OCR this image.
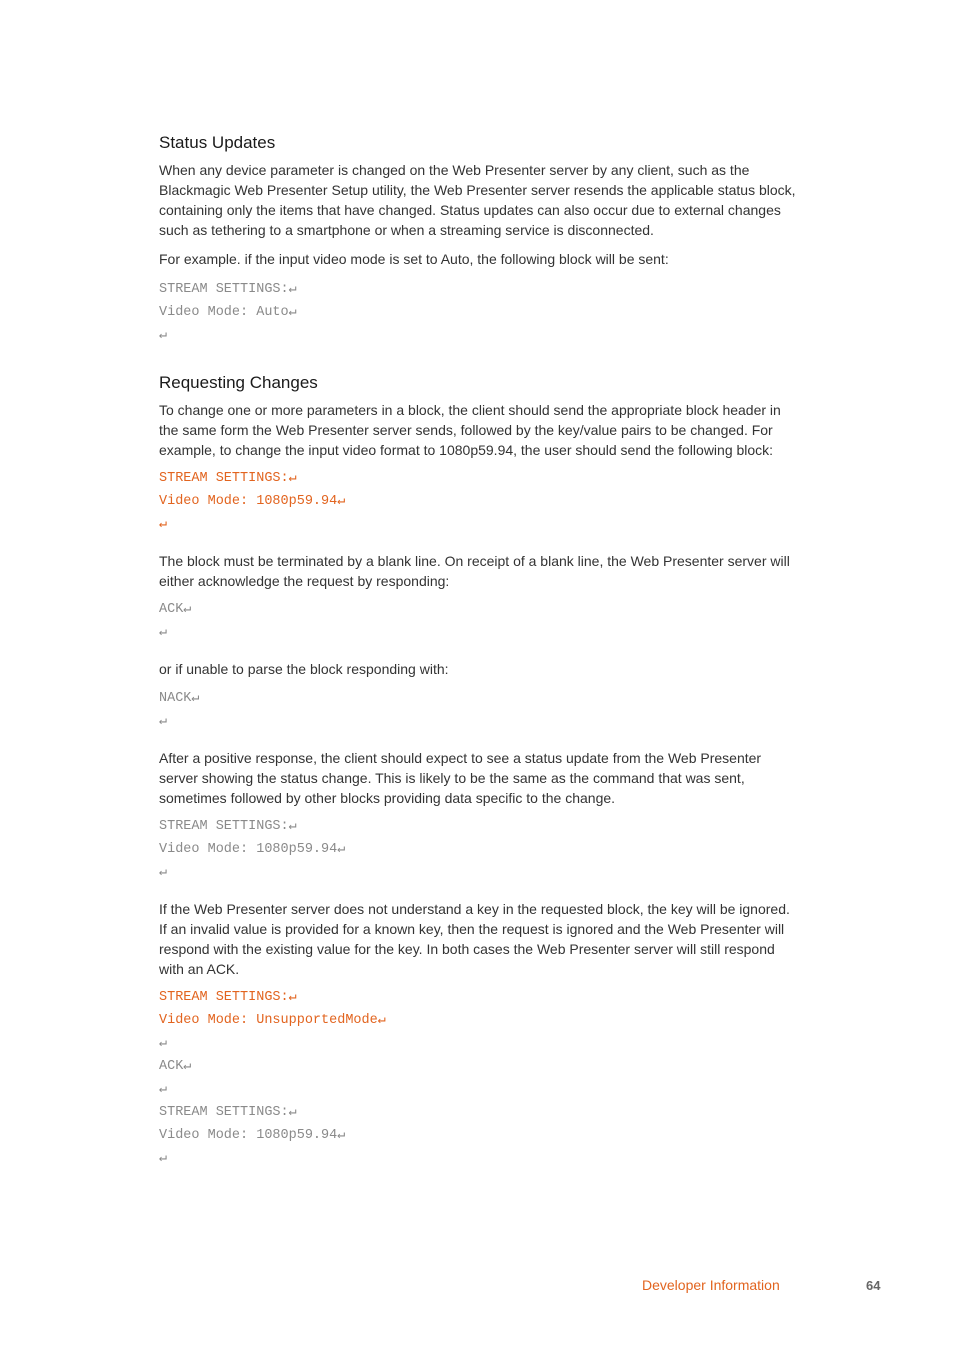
Status Updates

When any device parameter is changed on the Web Presenter server by any client, such as the Blackmagic Web Presenter Setup utility, the Web Presenter server resends the applicable status block, containing only the items that have changed. Status updates can also occur due to external changes such as tethering to a smartphone or when a streaming service is disconnected.

For example. if the input video mode is set to Auto, the following block will be sent:

STREAM SETTINGS:↵
Video Mode: Auto↵
↵
Requesting Changes

To change one or more parameters in a block, the client should send the appropriate block header in the same form the Web Presenter server sends, followed by the key/value pairs to be changed. For example, to change the input video format to 1080p59.94, the user should send the following block:

STREAM SETTINGS:↵
Video Mode: 1080p59.94↵
↵

The block must be terminated by a blank line. On receipt of a blank line, the Web Presenter server will either acknowledge the request by responding:

ACK↵
↵

or if unable to parse the block responding with:

NACK↵
↵

After a positive response, the client should expect to see a status update from the Web Presenter server showing the status change. This is likely to be the same as the command that was sent, sometimes followed by other blocks providing data specific to the change.

STREAM SETTINGS:↵
Video Mode: 1080p59.94↵
↵

If the Web Presenter server does not understand a key in the requested block, the key will be ignored. If an invalid value is provided for a known key, then the request is ignored and the Web Presenter will respond with the existing value for the key. In both cases the Web Presenter server will still respond with an ACK.

STREAM SETTINGS:↵
Video Mode: UnsupportedMode↵
↵
ACK↵
↵
STREAM SETTINGS:↵
Video Mode: 1080p59.94↵
↵
Developer Information	64
